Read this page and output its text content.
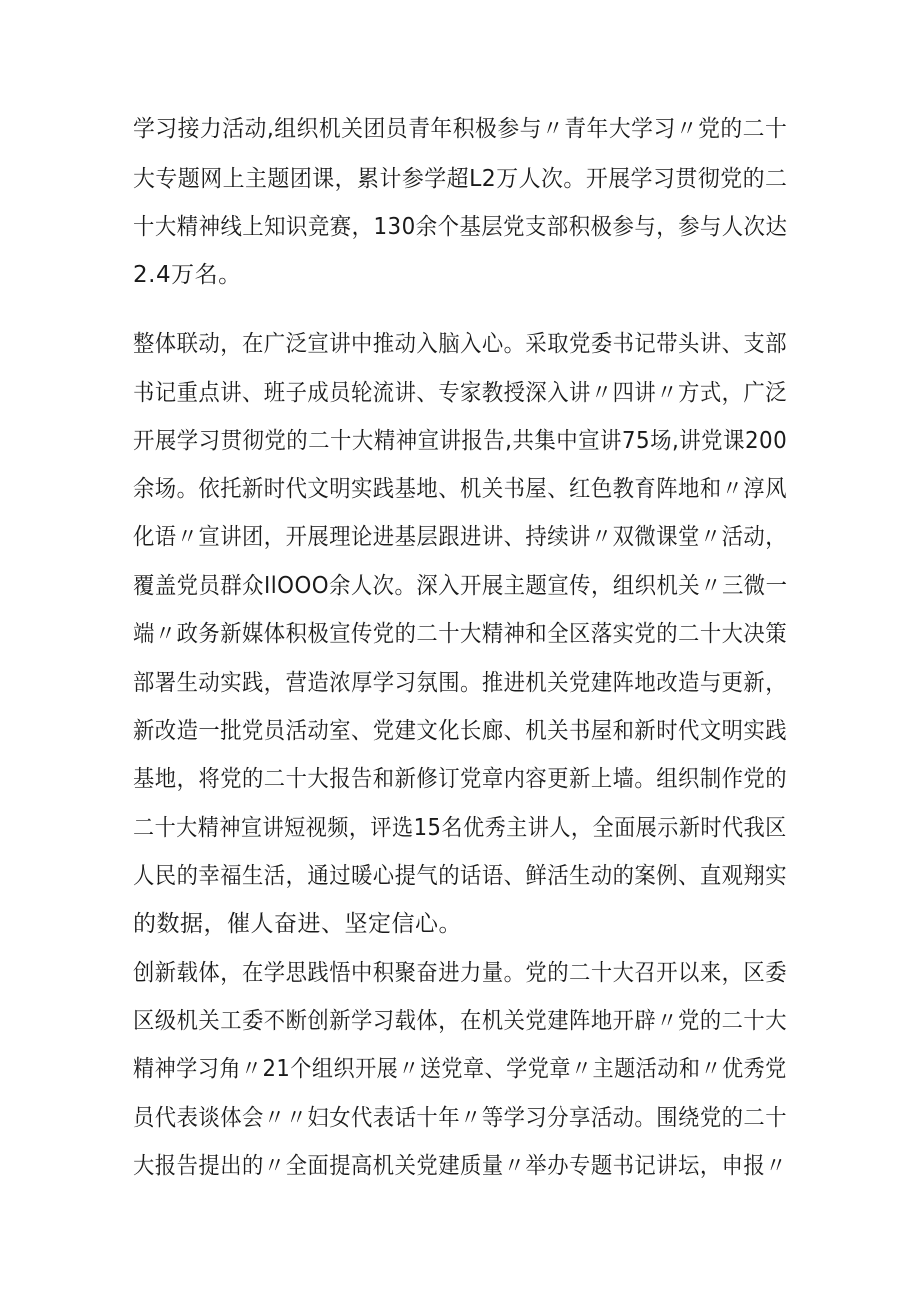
学习接力活动,组织机关团员青年积极参与〃青年大学习〃党的二十

大专题网上主题团课，累计参学超L2万人次。开展学习贯彻党的二

十大精神线上知识竞赛，130余个基层党支部积极参与，参与人次达

2.4万名。

整体联动，在广泛宣讲中推动入脑入心。采取党委书记带头讲、支部

书记重点讲、班子成员轮流讲、专家教授深入讲〃四讲〃方式，广泛

开展学习贯彻党的二十大精神宣讲报告,共集中宣讲75场,讲党课200

余场。依托新时代文明实践基地、机关书屋、红色教育阵地和〃淳风

化语〃宣讲团，开展理论进基层跟进讲、持续讲〃双微课堂〃活动，

覆盖党员群众IlOOO余人次。深入开展主题宣传，组织机关〃三微一

端〃政务新媒体积极宣传党的二十大精神和全区落实党的二十大决策

部署生动实践，营造浓厚学习氛围。推进机关党建阵地改造与更新，

新改造一批党员活动室、党建文化长廊、机关书屋和新时代文明实践

基地，将党的二十大报告和新修订党章内容更新上墙。组织制作党的

二十大精神宣讲短视频，评选15名优秀主讲人，全面展示新时代我区

人民的幸福生活，通过暖心提气的话语、鲜活生动的案例、直观翔实

的数据，催人奋进、坚定信心。

创新载体，在学思践悟中积聚奋进力量。党的二十大召开以来，区委

区级机关工委不断创新学习载体，在机关党建阵地开辟〃党的二十大

精神学习角〃21个组织开展〃送党章、学党章〃主题活动和〃优秀党

员代表谈体会〃〃妇女代表话十年〃等学习分享活动。围绕党的二十

大报告提出的〃全面提高机关党建质量〃举办专题书记讲坛，申报〃
